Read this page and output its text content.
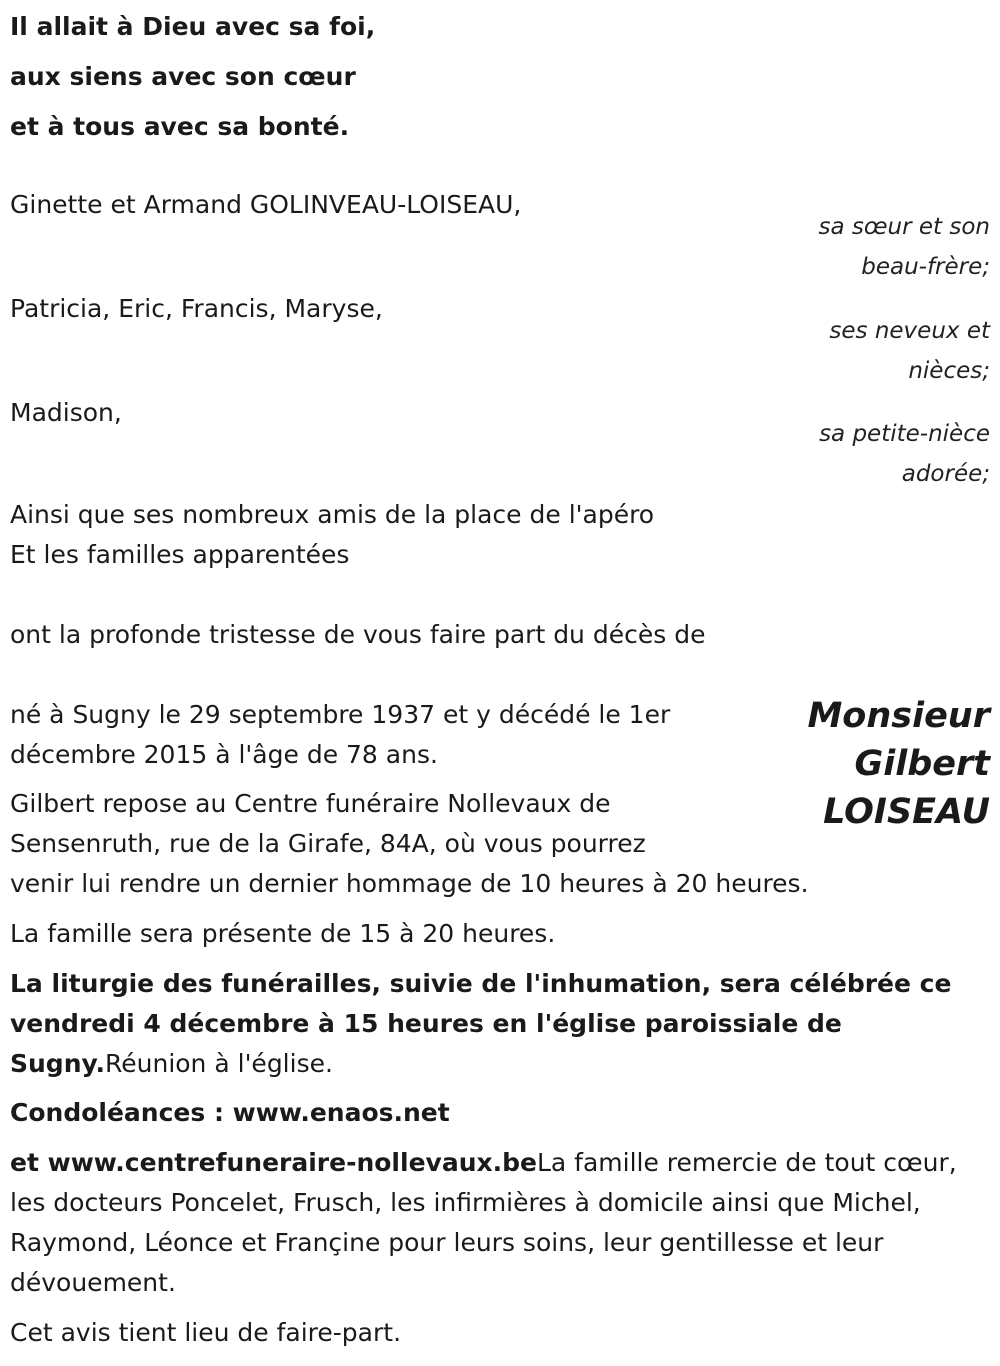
Il allait à Dieu avec sa foi,
aux siens avec son cœur
et à tous avec sa bonté.
Ginette et Armand GOLINVEAU-LOISEAU,
sa sœur et son
beau-frère;
Patricia, Eric, Francis, Maryse,
ses neveux et
nièces;
Madison,
sa petite-nièce
adorée;
Ainsi que ses nombreux amis de la place de l'apéro
Et les familles apparentées
ont la profonde tristesse de vous faire part du décès de
Monsieur
Gilbert
LOISEAU
né à Sugny le 29 septembre 1937 et y décédé le 1er
décembre 2015 à l'âge de 78 ans.
Gilbert repose au Centre funéraire Nollevaux de
Sensenruth, rue de la Girafe, 84A, où vous pourrez
venir lui rendre un dernier hommage de 10 heures à 20 heures.
La famille sera présente de 15 à 20 heures.
La liturgie des funérailles, suivie de l'inhumation, sera célébrée ce
vendredi 4 décembre à 15 heures en l'église paroissiale de
Sugny.Réunion à l'église.
Condoléances : www.enaos.net
et www.centrefuneraire-nollevaux.beLa famille remercie de tout cœur,
les docteurs Poncelet, Frusch, les infirmières à domicile ainsi que Michel,
Raymond, Léonce et Françine pour leurs soins, leur gentillesse et leur
dévouement.
Cet avis tient lieu de faire-part.
